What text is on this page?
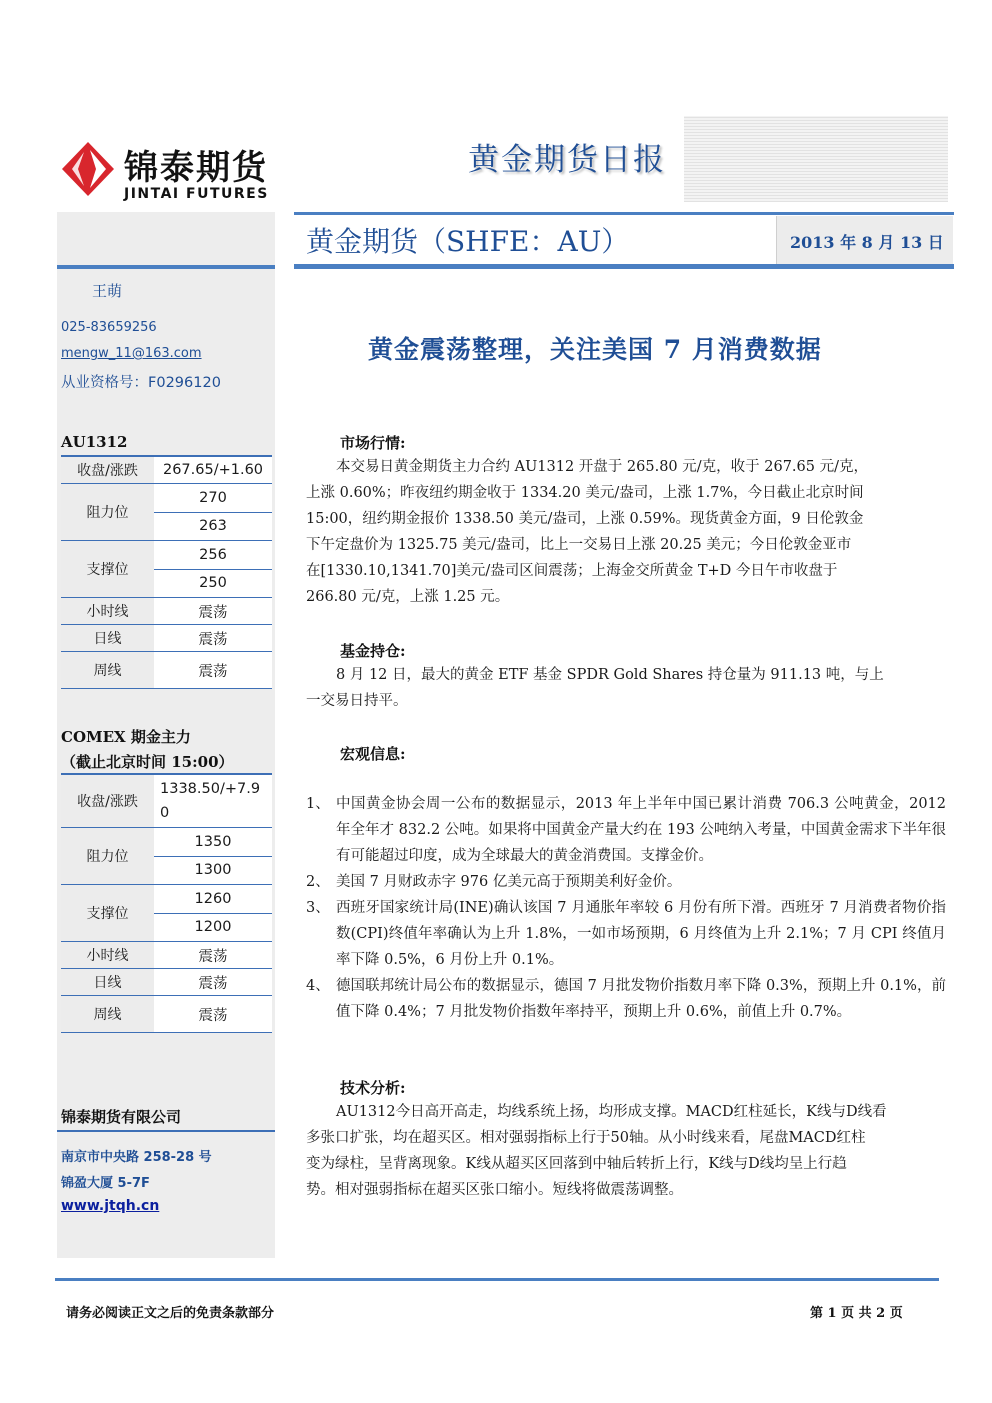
锦泰期货
JINTAI FUTURES
黄金期货日报
黄金期货（SHFE：AU）	2013 年 8 月 13 日
王萌
025-83659256
mengw_11@163.com
从业资格号：F0296120
AU1312
收盘/涨跌	267.65/+1.60
阻力位	270
	263
支撑位	256
	250
小时线	震荡
日线	震荡
周线	震荡
COMEX 期金主力
（截止北京时间 15:00）
收盘/涨跌	1338.50/+7.9
0
阻力位	1350
	1300
支撑位	1260
	1200
小时线	震荡
日线	震荡
周线	震荡
锦泰期货有限公司
南京市中央路 258-28 号
锦盈大厦 5-7F
www.jtqh.cn
黄金震荡整理，关注美国 7 月消费数据
市场行情:
本交易日黄金期货主力合约 AU1312 开盘于 265.80 元/克，收于 267.65 元/克，
上涨 0.60%；昨夜纽约期金收于 1334.20 美元/盎司，上涨 1.7%，今日截止北京时间
15:00，纽约期金报价 1338.50 美元/盎司，上涨 0.59%。现货黄金方面，9 日伦敦金
下午定盘价为 1325.75 美元/盎司，比上一交易日上涨 20.25 美元；今日伦敦金亚市
在[1330.10,1341.70]美元/盎司区间震荡；上海金交所黄金 T+D 今日午市收盘于
266.80 元/克，上涨 1.25 元。
基金持仓:
8 月 12 日，最大的黄金 ETF 基金 SPDR Gold Shares 持仓量为 911.13 吨，与上
一交易日持平。
宏观信息:
1、 中国黄金协会周一公布的数据显示，2013 年上半年中国已累计消费 706.3 公吨黄金，2012 年全年才 832.2 公吨。如果将中国黄金产量大约在 193 公吨纳入考量，中国黄金需求下半年很有可能超过印度，成为全球最大的黄金消费国。支撑金价。
2、 美国 7 月财政赤字 976 亿美元高于预期美利好金价。
3、 西班牙国家统计局(INE)确认该国 7 月通胀年率较 6 月份有所下滑。西班牙 7 月消费者物价指数(CPI)终值年率确认为上升 1.8%，一如市场预期，6 月终值为上升 2.1%；7 月 CPI 终值月率下降 0.5%，6 月份上升 0.1%。
4、 德国联邦统计局公布的数据显示，德国 7 月批发物价指数月率下降 0.3%，预期上升 0.1%，前值下降 0.4%；7 月批发物价指数年率持平，预期上升 0.6%，前值上升 0.7%。
技术分析:
AU1312今日高开高走，均线系统上扬，均形成支撑。MACD红柱延长，K线与D线看
多张口扩张，均在超买区。相对强弱指标上行于50轴。从小时线来看，尾盘MACD红柱
变为绿柱，呈背离现象。K线从超买区回落到中轴后转折上行，K线与D线均呈上行趋
势。相对强弱指标在超买区张口缩小。短线将做震荡调整。
请务必阅读正文之后的免责条款部分	第 1 页 共 2 页
